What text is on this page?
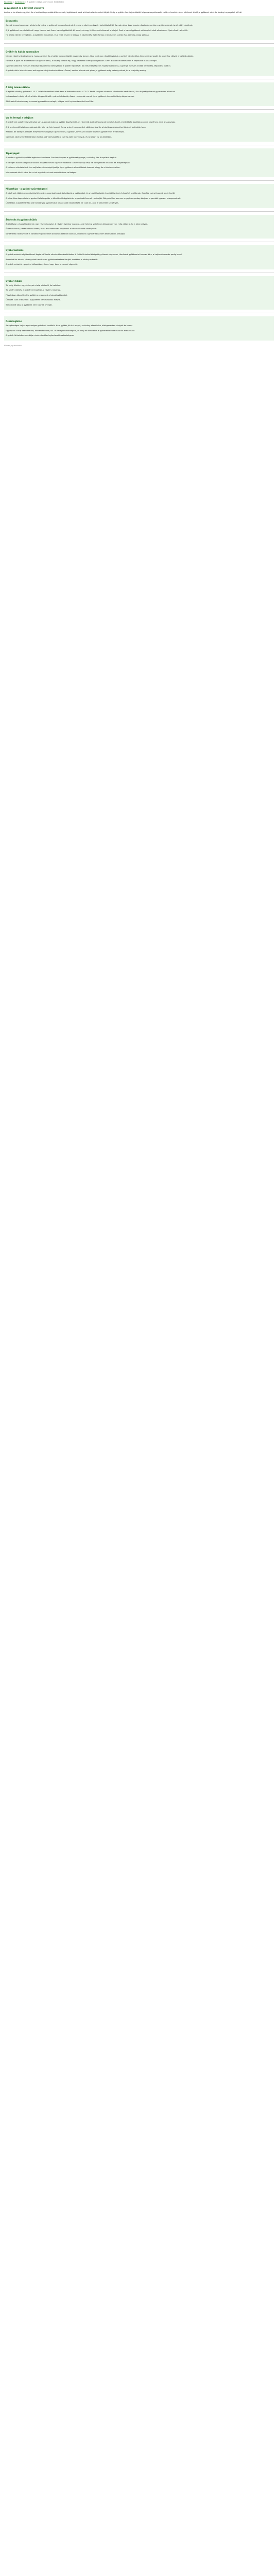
Kezdőlap » Apróságok » A gyökér hatása a növények fejlődésére
A gyökérzet és a levélzet viszonya

Amikor a kertészek a gyökér és a levélzet kapcsolatáról beszélnek, legtöbbször csak a felszín alatti munkát látják. Pedig a gyökér és a hajtás között folyamatos párbeszéd zajlik: a levelek cukrot küldenek lefelé, a gyökerek vizet és ásványi anyagokat felfelé.

Bevezetés

Az első tavaszi napokban a talaj még hideg, a gyökerek lassan ébrednek. Ilyenkor a növény a tavalyi tartalékaiból él, és csak akkor kezd igazán növekedni, amikor a gyökércsúcsok ismét aktívvá válnak.

A jó gyökérzet nem feltétlenül nagy, hanem sok finom hajszálgyökérből áll, amelyek nagy felületen érintkeznek a talajjal. Ezek a hajszálgyökerek néhány hét alatt elhalnak és újak nőnek helyettük.

Ha a talaj tömör, levegőtlen, a gyökerek megállnak, és a felső részen is lelassul a növekedés. Ezért fontos a rendszeres lazítás és a szerves anyag pótlása.

Gyökér és hajtás egyensúlya

Minden növény törekszik arra, hogy a gyökér és a hajtás tömege között egyensúly legyen. Ha a lomb egy részét levágjuk, a gyökér növekedése átmenetileg megáll, és a növény először a hajtást pótolja.

Fordítva is igaz: ha átültetéskor sok gyökér sérül, a növény lombot ejt, hogy kevesebb vizet párologtasson. Ezért ajánlott átültetés után a hajtásokat is visszavágni.

Gyümölcsfáknál a metszés erőssége közvetlenül befolyásolja a gyökér fejlődését. Az erős metszés erős hajtásnövekedést, a gyenge metszés inkább termőrész-képződést indít el.

A gyökér aktív időszaka nem esik egybe a hajtásnövekedéssel. Ősszel, amikor a lomb már pihen, a gyökerek még hetekig nőnek, ha a talaj elég meleg.

A talaj hőmérséklete

A legtöbb növény gyökere 8–10 °C talajhőmérséklet felett kezd el érdemben nőni. A 25 °C feletti talajban viszont a növekedés ismét lassul, és a hajszálgyökerek gyorsabban elhalnak.

Mulcsozással a talaj hőmérséklete kiegyenlíthető: nyáron hűvösebb, ősszel melegebb marad, így a gyökerek hosszabb ideig dolgozhatnak.

Sötét színű takaróanyag tavasszal gyorsabban melegít, világos színű nyáron kevésbé hevül fel.

Víz és levegő a talajban

A gyökérnek oxigénre is szüksége van. A pangó vízben a gyökér légzése leáll, és rövid idő alatt rothadásnak indulhat. Ezért a túlöntözés legalább annyira veszélyes, mint a szárazság.

A jó szerkezetű talajban a pórusok kb. fele víz, fele levegő. Ezt az arányt komposzttal, zöldtrágyával és a talaj taposásának kerülésével tarthatjuk fenn.

Ritkább, de bőséges öntözés mélyebbre csalogatja a gyökereket, a gyakori, kevés víz viszont felszínes gyökérzetet eredményez.

Cserepes növényeknél különösen fontos a jó vízelvezetés: a cserép alján legyen lyuk, és ne álljon víz az alátétben.

Tápanyagok

A foszfor a gyökérképződés legfontosabb eleme. Foszforhiányban a gyökérzet gyenge, a növény lilás árnyalatot kaphat.

A nitrogén túlzott adagolása viszont a hajtást növeli a gyökér rovására: a növény buja lesz, de könnyebben kiszárad és megbetegszik.

A kálium a vízháztartást és a sejtfalak szilárdságát javítja, így a gyökerek ellenállóbbak lesznek a fagy és a kórokozók ellen.

Mikroelemek közül a bór és a cink a gyökércsúcsok osztódásához szükséges.

Mikorrhiza – a gyökér szövetségesei

A növények többsége gombákkal él együtt: a gombafonalak behálózzák a gyökereket, és a talaj távolabbi részeiből is vizet és foszfort szállítanak. Cserébe cukrot kapnak a növénytől.

A mikorrhiza-kapcsolatot a gyakori talajforgatás, a túlzott műtrágyázás és a gombaölő szerek rombolják. Bolygatatlan, szerves anyagban gazdag talajban a gombák gyorsan elszaporodnak.

Ültetéskor a gyökérzónába szórt oltóanyag gyorsíthatja a kapcsolat kialakulását, de csak ott, ahol a talaj élete szegényes.

Átültetés és gyökérsérülés

Átültetéskor a hajszálgyökerek nagy része elpusztul. A növény ilyenkor napokig, akár hetekig vízhiányos állapotban van, még akkor is, ha a talaj nedves.

Érdemes borús, párás időben ültetni, és az első hetekben árnyékolni a frissen ültetett növényeket.

Konténeres növényeknél a körbenövő gyökereket óvatosan szét kell bontani, különben a gyökérlabda nem terjeszkedik a talajba.

Gyökérmetszés

A gyökérmetszés régi kertészeti fogás a túl erős növekedés mérséklésére. A fa körül ásóval átvágott gyökerek elágaznak, tömörebb gyökérzetet hoznak létre, a hajtásnövekedés pedig lassul.

Bonsainál és dézsás növényeknél rendszeres gyökérmetszéssel tartják kordában a növény méretét.

A gyökérmetszést nyugalmi időszakban, ősszel vagy kora tavasszal végezzük.

Gyakori hibák

Túl mély ültetés: a gyökérnyak a talaj alá kerül, és befullad.

Túl sekély ültetés: a gyökérzet kiszárad, a növény meginog.

Friss trágya közvetlenül a gyökérre: megégeti a hajszálgyökereket.

Öntözés csak a felszínen: a gyökerek nem hatolnak mélyre.

Tömörödött talaj: a gyökerek nem kapnak levegőt.

Összefoglalás

Az egészséges hajtás egészséges gyökérrel kezdődik. Ha a gyökér jól érzi magát, a növény ellenállóbb, bőségesebben virágzik és terem.

Figyeljünk a talaj szerkezetére, hőmérsékletére, víz- és levegőellátottságára, és bánjunk kímélettel a gyökerekkel ültetéskor és metszéskor.

A gyökér láthatatlan munkája minden kertész legfontosabb szövetségese.

Minden jog fenntartva.
